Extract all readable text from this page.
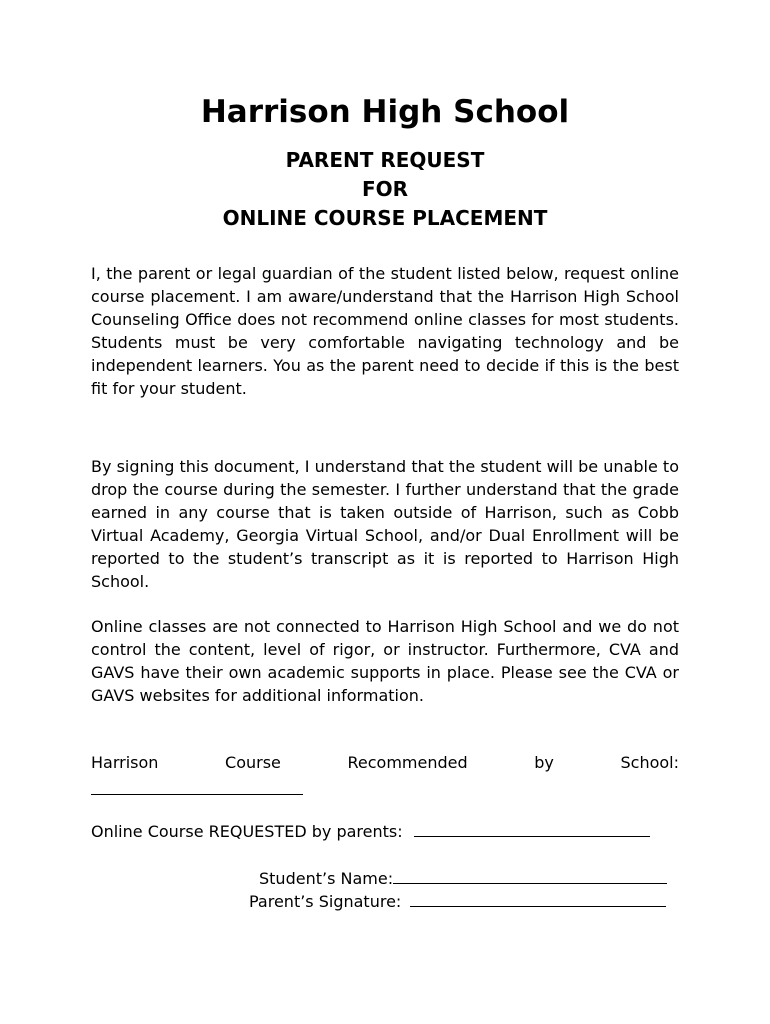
Harrison High School
PARENT REQUEST
FOR
ONLINE COURSE PLACEMENT

I, the parent or legal guardian of the student listed below, request online course placement. I am aware/understand that the Harrison High School Counseling Office does not recommend online classes for most students. Students must be very comfortable navigating technology and be independent learners. You as the parent need to decide if this is the best fit for your student.

By signing this document, I understand that the student will be unable to drop the course during the semester. I further understand that the grade earned in any course that is taken outside of Harrison, such as Cobb Virtual Academy, Georgia Virtual School, and/or Dual Enrollment will be reported to the student’s transcript as it is reported to Harrison High School.

Online classes are not connected to Harrison High School and we do not control the content, level of rigor, or instructor. Furthermore, CVA and GAVS have their own academic supports in place. Please see the CVA or GAVS websites for additional information.

Harrison	Course	Recommended	by	School:
Online Course REQUESTED by parents:
Student’s Name:
Parent’s Signature:
